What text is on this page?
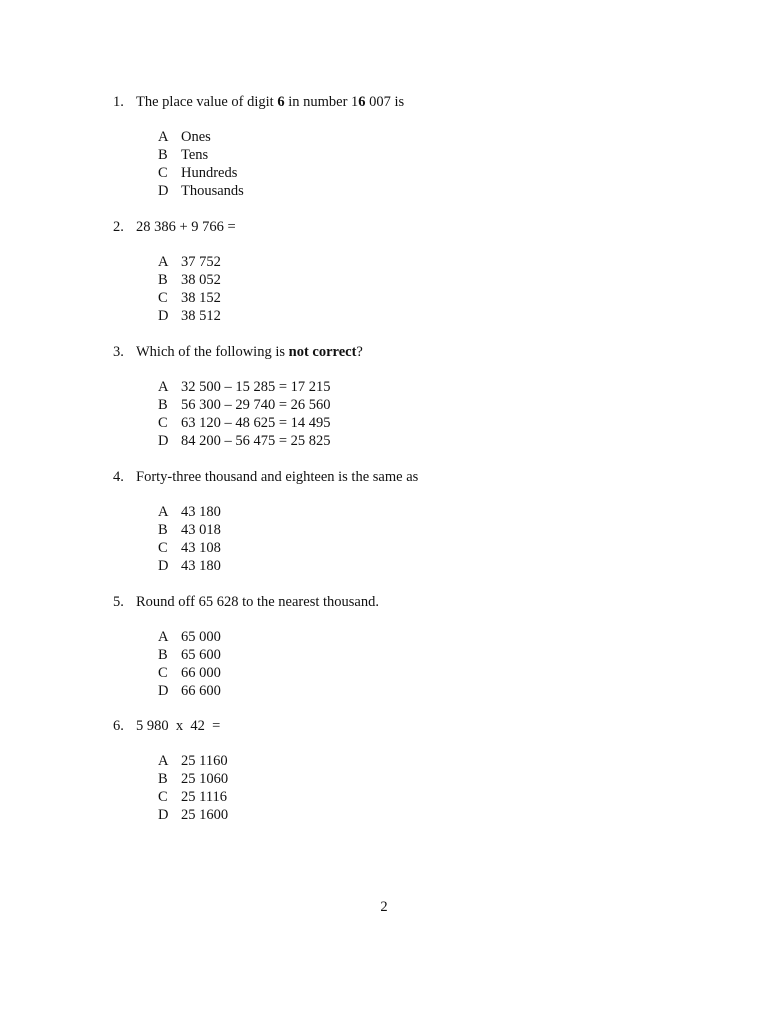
1. The place value of digit 6 in number 16 007 is
A Ones
B Tens
C Hundreds
D Thousands
2. 28 386 + 9 766 =
A 37 752
B 38 052
C 38 152
D 38 512
3. Which of the following is not correct?
A 32 500 – 15 285 = 17 215
B 56 300 – 29 740 = 26 560
C 63 120 – 48 625 = 14 495
D 84 200 – 56 475 = 25 825
4. Forty-three thousand and eighteen is the same as
A 43 180
B 43 018
C 43 108
D 43 180
5. Round off 65 628 to the nearest thousand.
A 65 000
B 65 600
C 66 000
D 66 600
6. 5 980  x  42  =
A 25 1160
B 25 1060
C 25 1116
D 25 1600
2
